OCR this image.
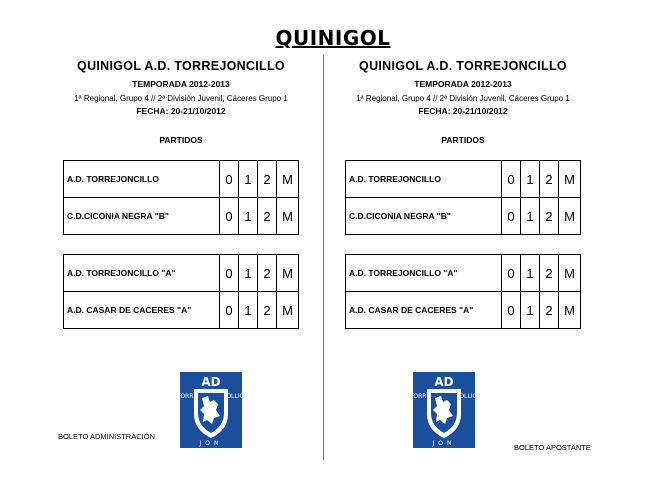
QUINIGOL
QUINIGOL A.D. TORREJONCILLO
TEMPORADA 2012-2013
1ª Regional, Grupo 4 // 2ª División Juvenil, Cáceres Grupo 1
FECHA: 20-21/10/2012
PARTIDOS
A.D. TORREJONCILLO	0 1 2 M
C.D.CICONIA NEGRA "B"	0 1 2 M
A.D. TORREJONCILLO "A"	0 1 2 M
A.D. CASAR DE CACERES "A"	0 1 2 M
QUINIGOL A.D. TORREJONCILLO
TEMPORADA 2012-2013
1ª Regional, Grupo 4 // 2ª División Juvenil, Cáceres Grupo 1
FECHA: 20-21/10/2012
PARTIDOS
A.D. TORREJONCILLO	0 1 2 M
C.D.CICONIA NEGRA "B"	0 1 2 M
A.D. TORREJONCILLO "A"	0 1 2 M
A.D. CASAR DE CACERES "A"	0 1 2 M
AD
TORRE	OLLIC
JON
AD
TORRE	OLLIC
JON
BOLETO ADMINISTRACIÓN
BOLETO APOSTANTE
